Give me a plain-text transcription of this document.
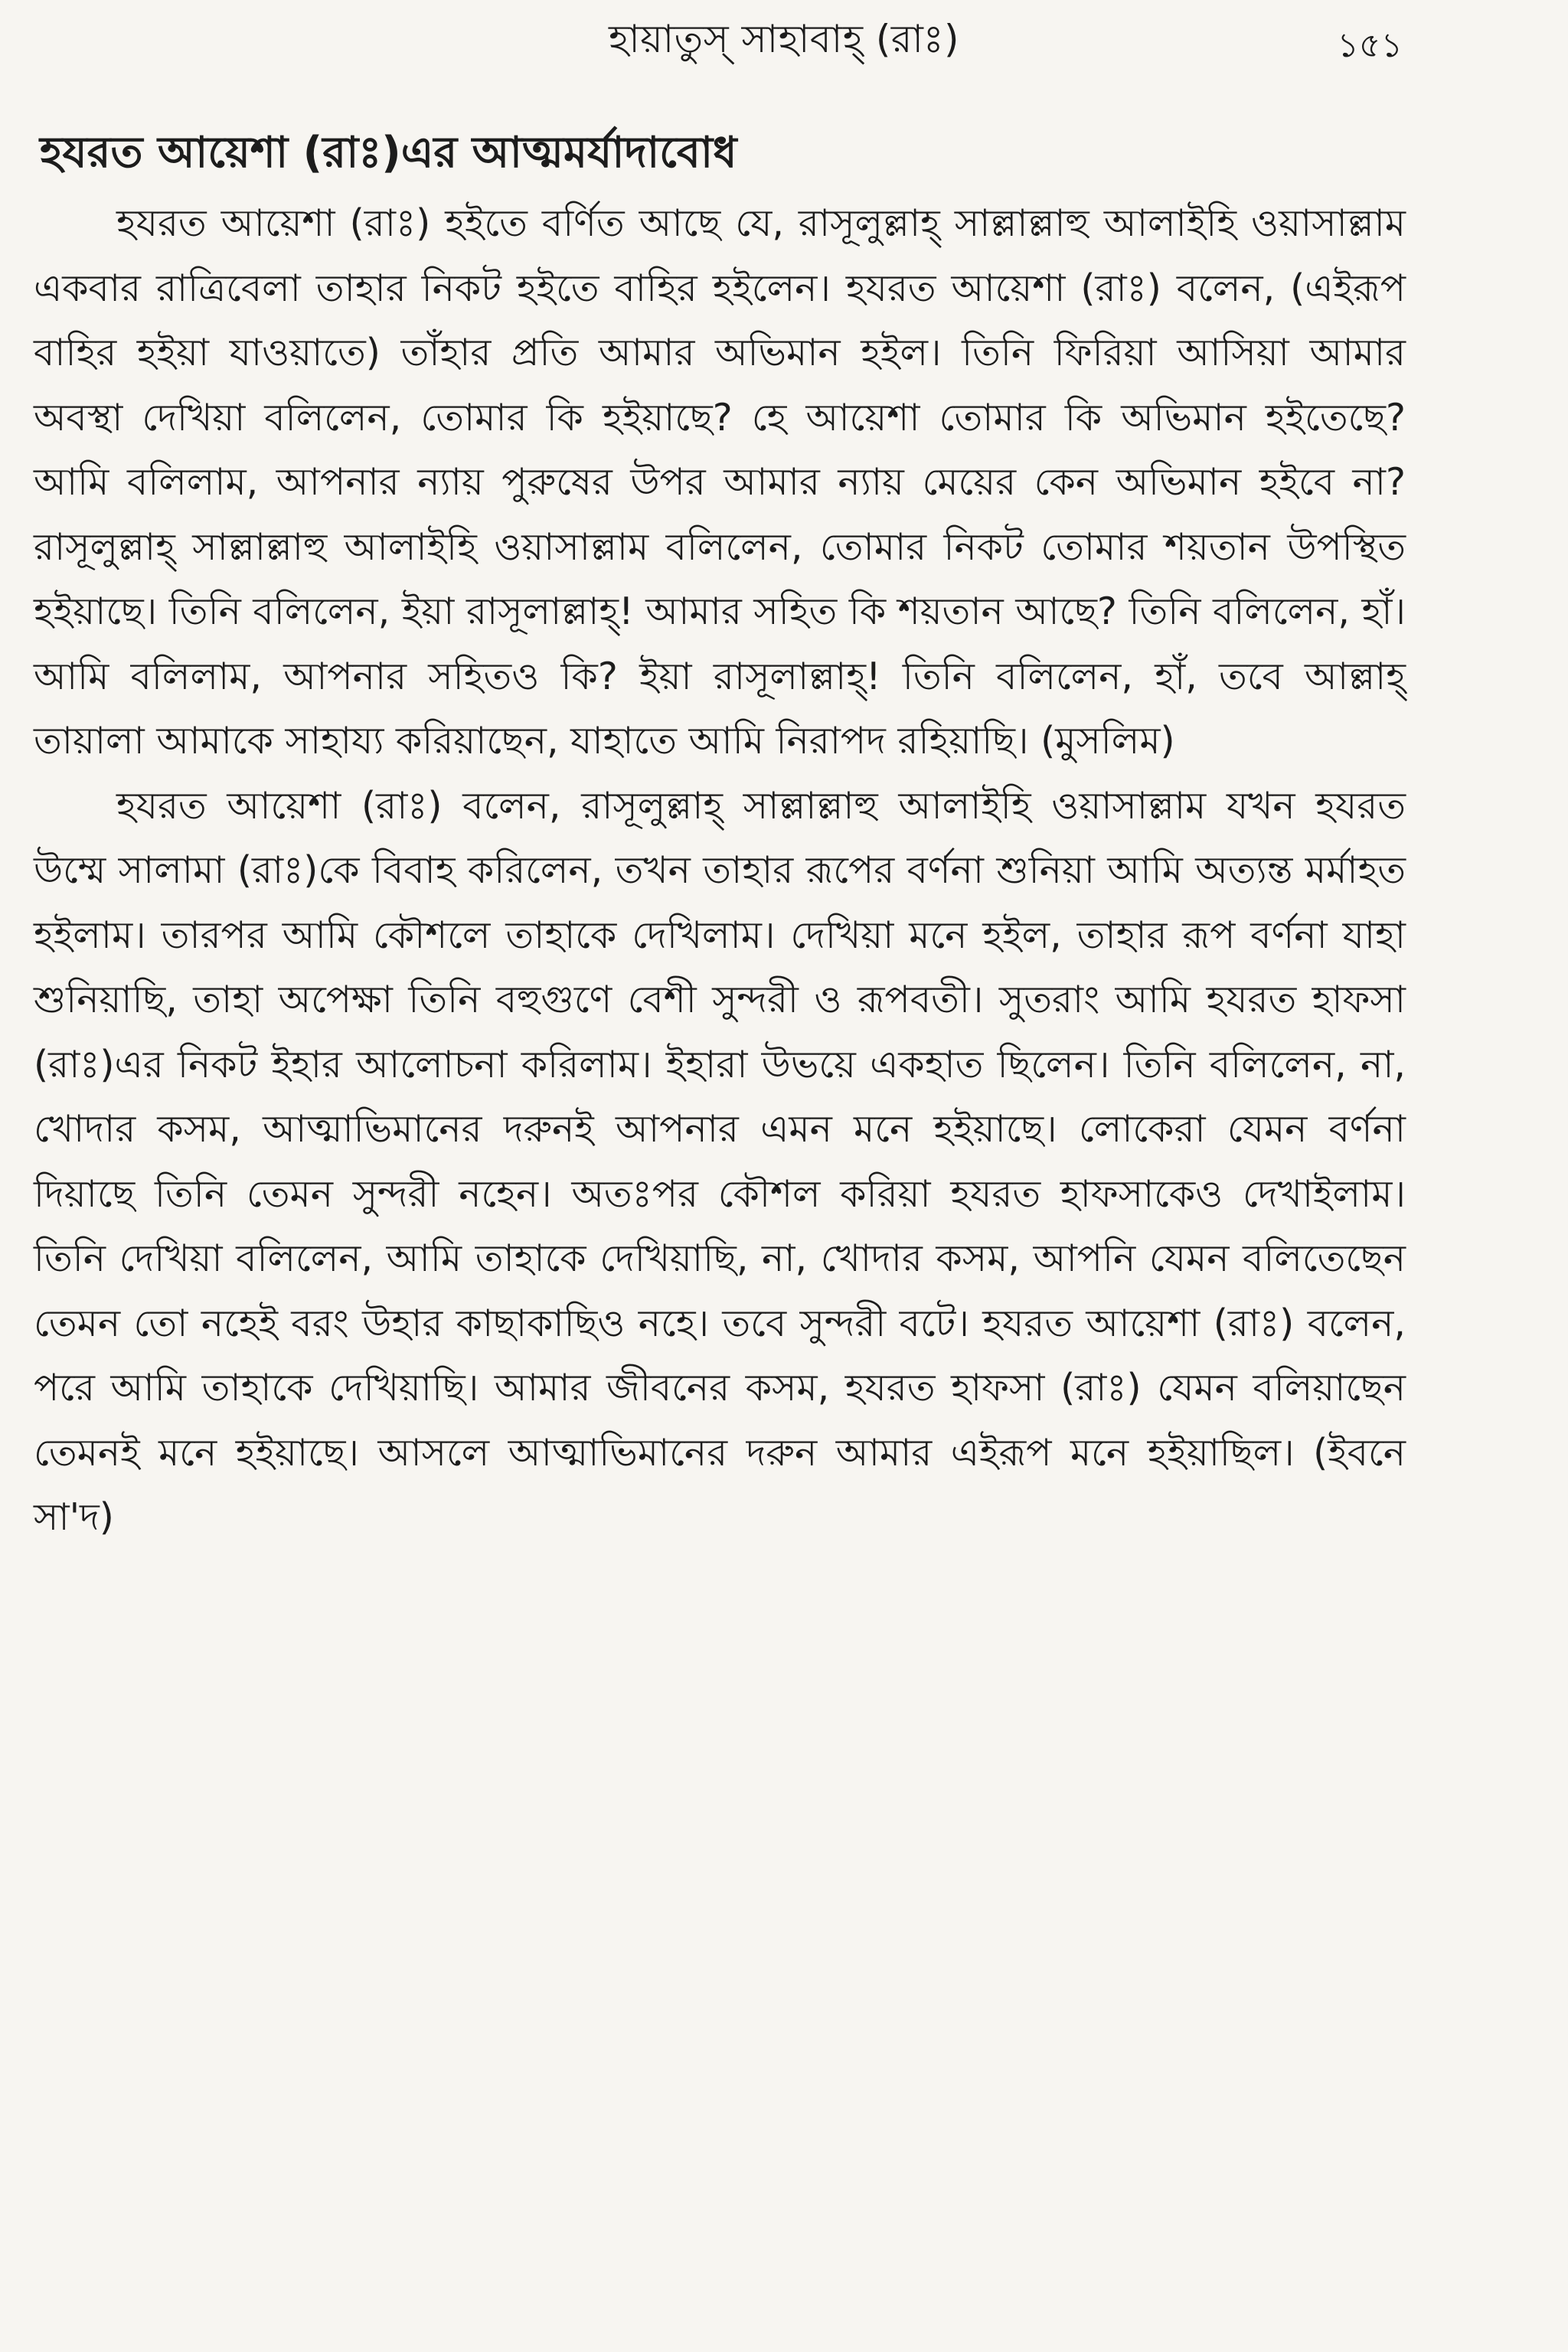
হায়াতুস্ সাহাবাহ্ (রাঃ)	১৫১
হযরত আয়েশা (রাঃ)এর আত্মমর্যাদাবোধ

হযরত আয়েশা (রাঃ) হইতে বর্ণিত আছে যে, রাসূলুল্লাহ্ সাল্লাল্লাহু আলাইহি ওয়াসাল্লাম একবার রাত্রিবেলা তাহার নিকট হইতে বাহির হইলেন। হযরত আয়েশা (রাঃ) বলেন, (এইরূপ বাহির হইয়া যাওয়াতে) তাঁহার প্রতি আমার অভিমান হইল। তিনি ফিরিয়া আসিয়া আমার অবস্থা দেখিয়া বলিলেন, তোমার কি হইয়াছে? হে আয়েশা তোমার কি অভিমান হইতেছে? আমি বলিলাম, আপনার ন্যায় পুরুষের উপর আমার ন্যায় মেয়ের কেন অভিমান হইবে না? রাসূলুল্লাহ্ সাল্লাল্লাহু আলাইহি ওয়াসাল্লাম বলিলেন, তোমার নিকট তোমার শয়তান উপস্থিত হইয়াছে। তিনি বলিলেন, ইয়া রাসূলাল্লাহ্! আমার সহিত কি শয়তান আছে? তিনি বলিলেন, হাঁ। আমি বলিলাম, আপনার সহিতও কি? ইয়া রাসূলাল্লাহ্! তিনি বলিলেন, হাঁ, তবে আল্লাহ্ তায়ালা আমাকে সাহায্য করিয়াছেন, যাহাতে আমি নিরাপদ রহিয়াছি। (মুসলিম)

হযরত আয়েশা (রাঃ) বলেন, রাসূলুল্লাহ্ সাল্লাল্লাহু আলাইহি ওয়াসাল্লাম যখন হযরত উম্মে সালামা (রাঃ)কে বিবাহ করিলেন, তখন তাহার রূপের বর্ণনা শুনিয়া আমি অত্যন্ত মর্মাহত হইলাম। তারপর আমি কৌশলে তাহাকে দেখিলাম। দেখিয়া মনে হইল, তাহার রূপ বর্ণনা যাহা শুনিয়াছি, তাহা অপেক্ষা তিনি বহুগুণে বেশী সুন্দরী ও রূপবতী। সুতরাং আমি হযরত হাফসা (রাঃ)এর নিকট ইহার আলোচনা করিলাম। ইহারা উভয়ে একহাত ছিলেন। তিনি বলিলেন, না, খোদার কসম, আত্মাভিমানের দরুনই আপনার এমন মনে হইয়াছে। লোকেরা যেমন বর্ণনা দিয়াছে তিনি তেমন সুন্দরী নহেন। অতঃপর কৌশল করিয়া হযরত হাফসাকেও দেখাইলাম। তিনি দেখিয়া বলিলেন, আমি তাহাকে দেখিয়াছি, না, খোদার কসম, আপনি যেমন বলিতেছেন তেমন তো নহেই বরং উহার কাছাকাছিও নহে। তবে সুন্দরী বটে। হযরত আয়েশা (রাঃ) বলেন, পরে আমি তাহাকে দেখিয়াছি। আমার জীবনের কসম, হযরত হাফসা (রাঃ) যেমন বলিয়াছেন তেমনই মনে হইয়াছে। আসলে আত্মাভিমানের দরুন আমার এইরূপ মনে হইয়াছিল। (ইবনে সা'দ)
